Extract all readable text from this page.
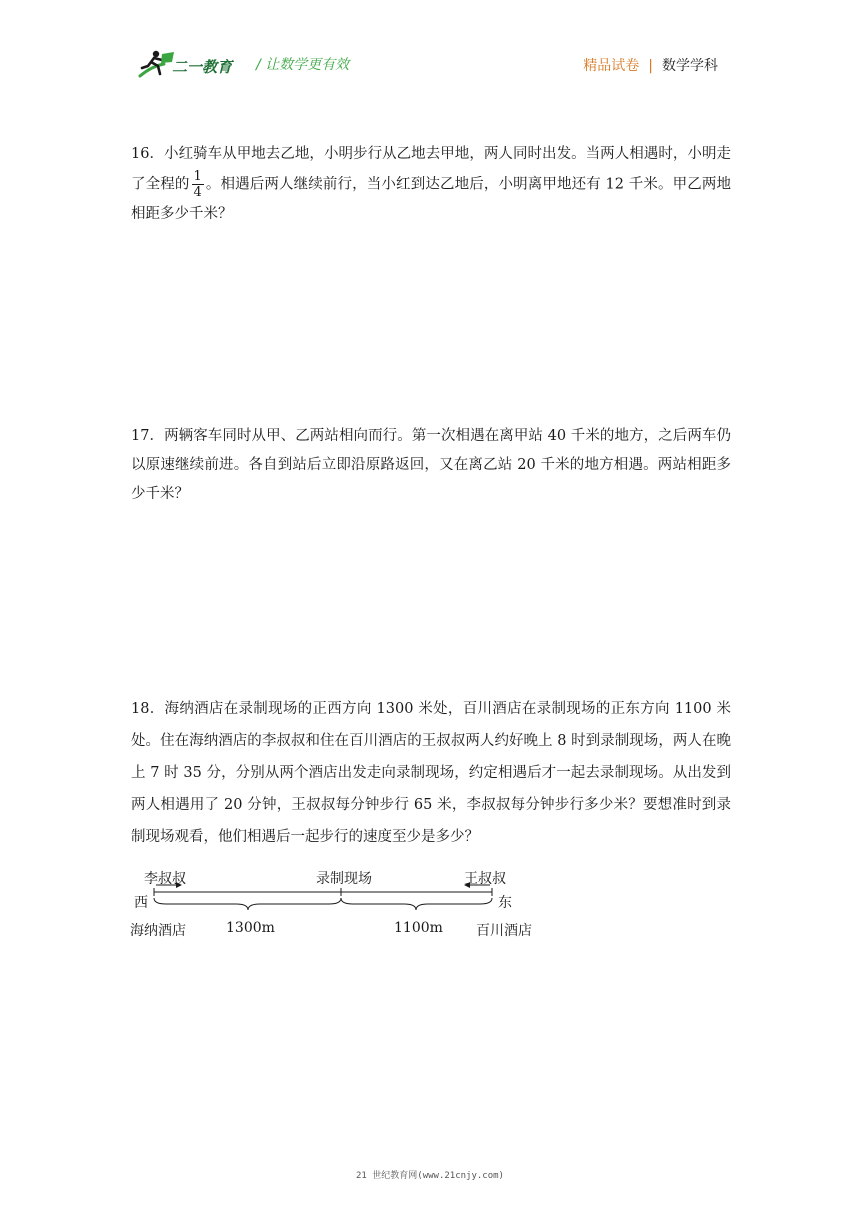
二一教育 / 让数学更有效	精品试卷 | 数学学科

16．小红骑车从甲地去乙地，小明步行从乙地去甲地，两人同时出发。当两人相遇时，小明走了全程的 $\frac{1}{4}$ 。相遇后两人继续前行，当小红到达乙地后，小明离甲地还有 12 千米。甲乙两地相距多少千米？

17．两辆客车同时从甲、乙两站相向而行。第一次相遇在离甲站 40 千米的地方，之后两车仍以原速继续前进。各自到站后立即沿原路返回，又在离乙站 20 千米的地方相遇。两站相距多少千米？

18．海纳酒店在录制现场的正西方向 1300 米处，百川酒店在录制现场的正东方向 1100 米处。住在海纳酒店的李叔叔和住在百川酒店的王叔叔两人约好晚上 8 时到录制现场，两人在晚上 7 时 35 分，分别从两个酒店出发走向录制现场，约定相遇后才一起去录制现场。从出发到两人相遇用了 20 分钟，王叔叔每分钟步行 65 米，李叔叔每分钟步行多少米？要想准时到录制现场观看，他们相遇后一起步行的速度至少是多少？

李叔叔	录制现场	王叔叔
西	东
海纳酒店	1300m	1100m 百川酒店
21 世纪教育网(www.21cnjy.com)
